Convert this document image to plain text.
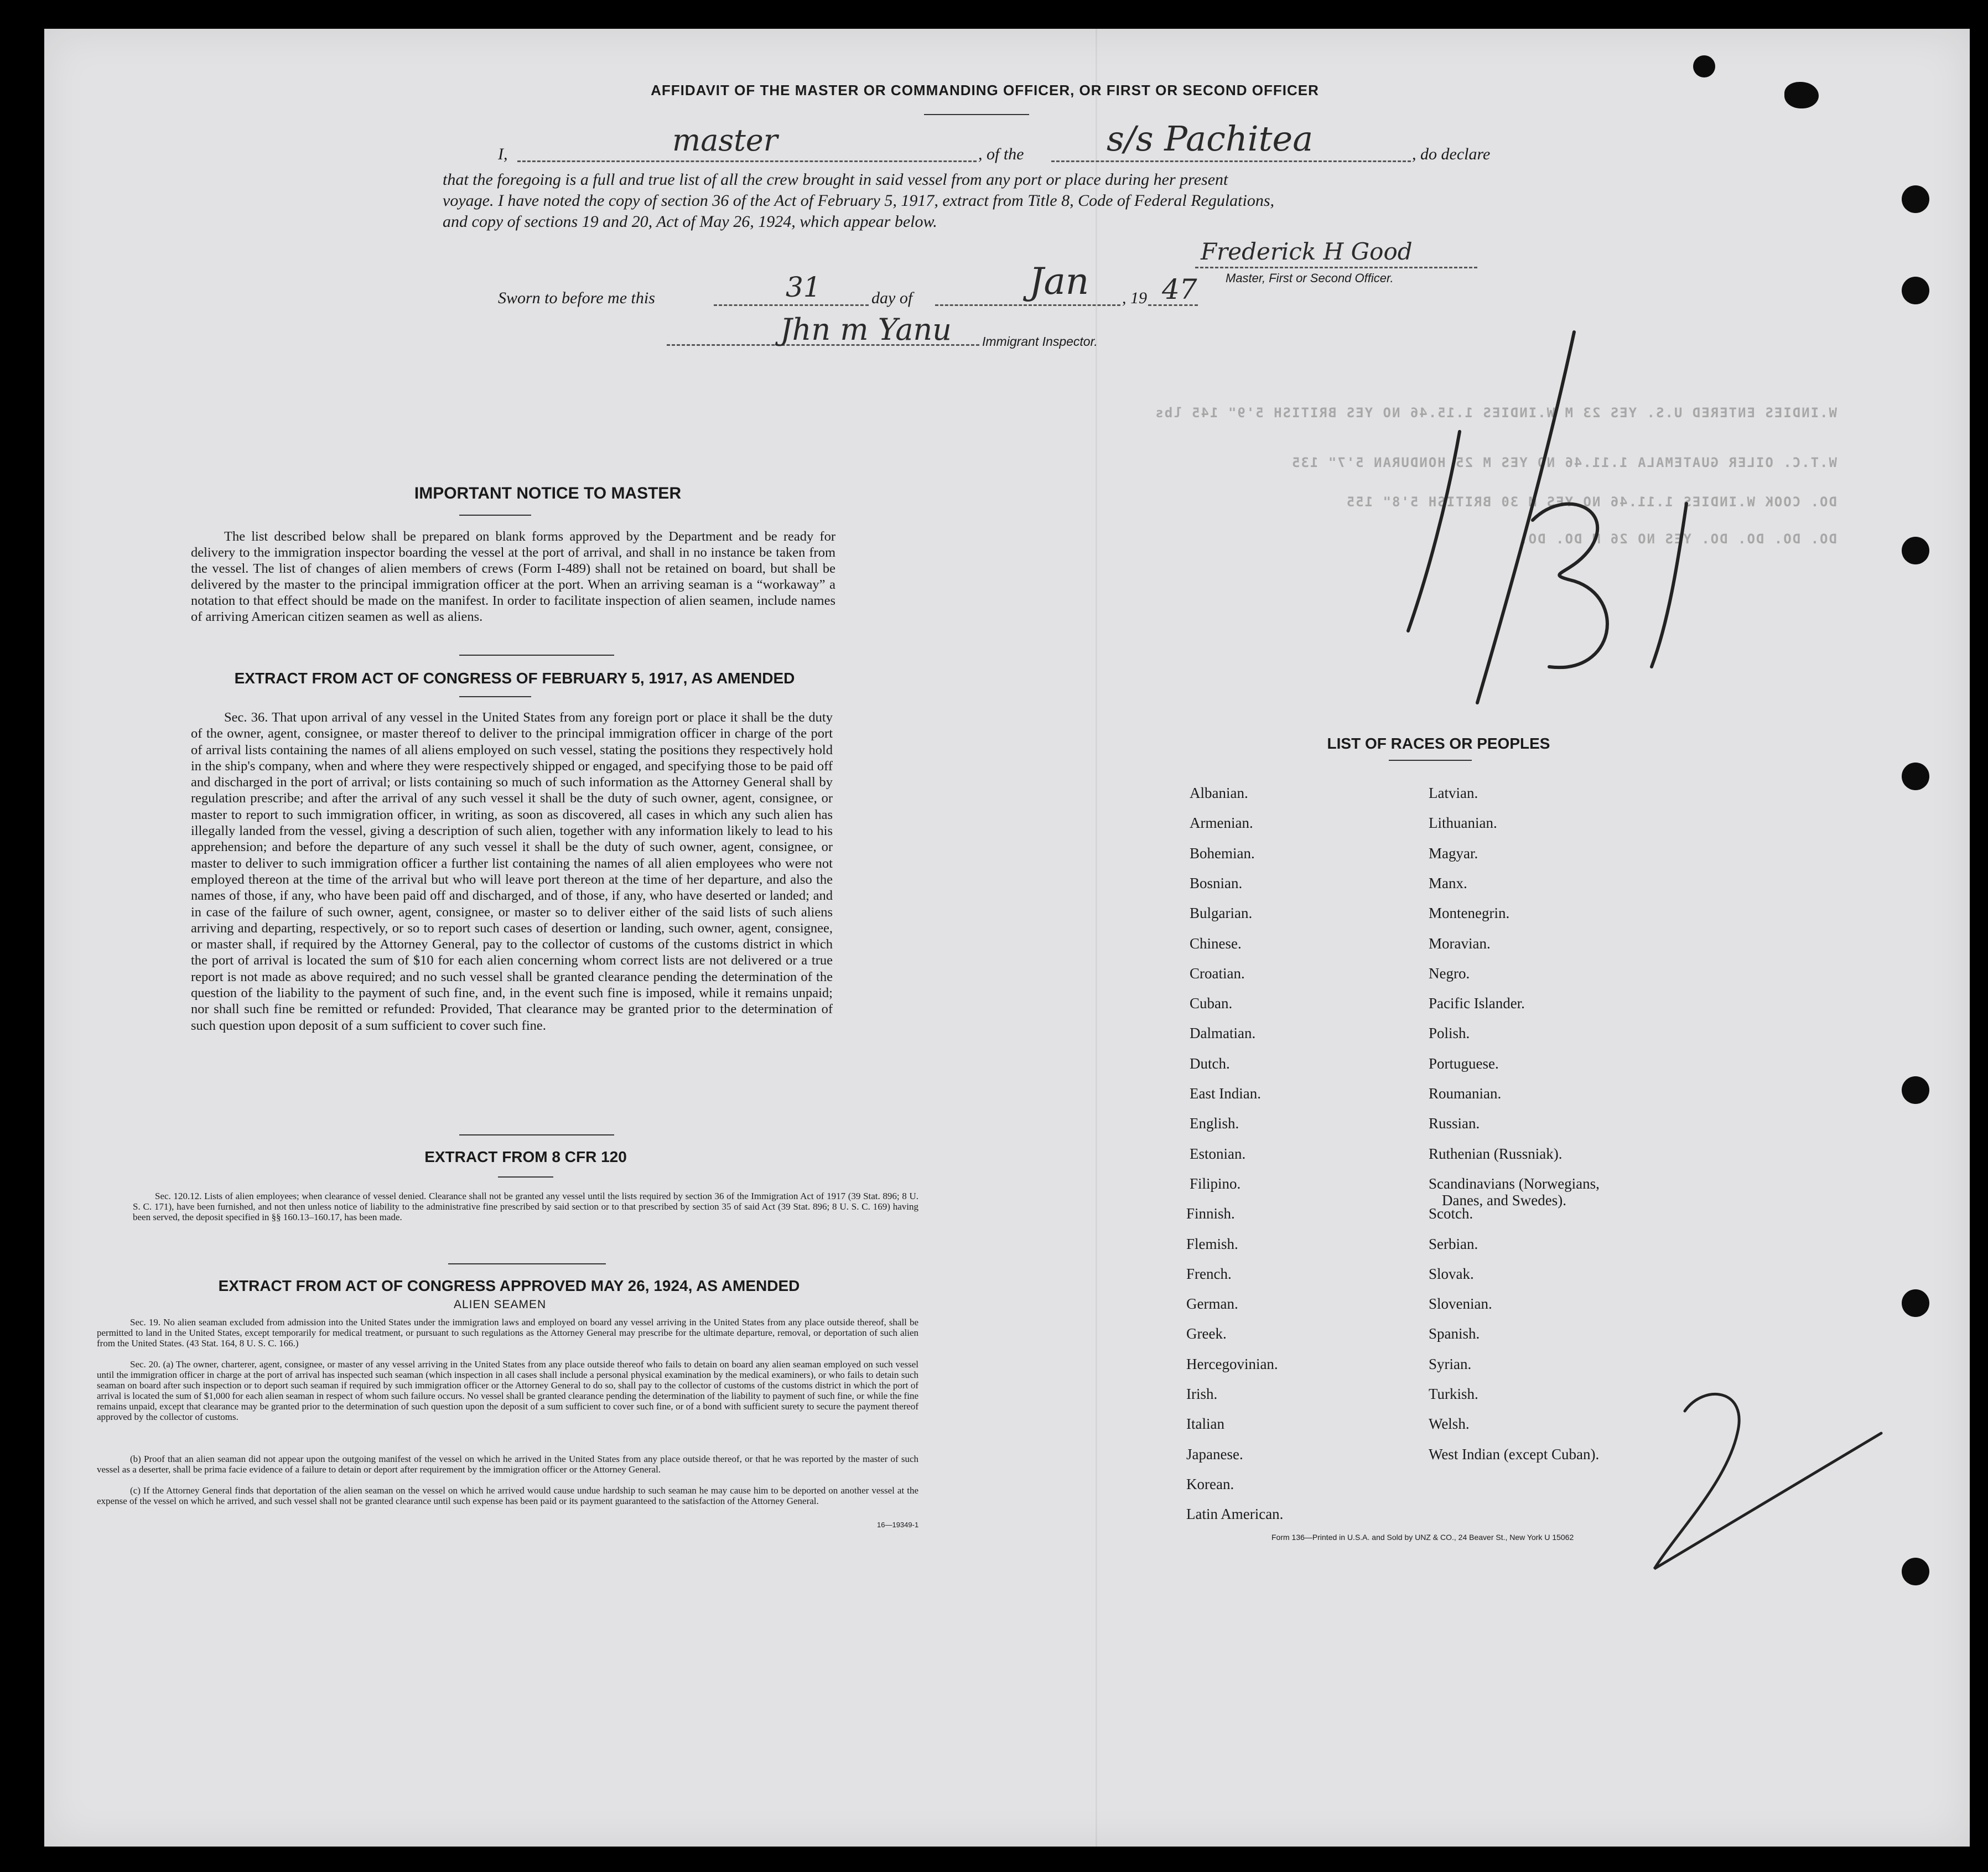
AFFIDAVIT OF THE MASTER OR COMMANDING OFFICER, OR FIRST OR SECOND OFFICER
I,	master	, of the s/s Pachitea	, do declare
that the foregoing is a full and true list of all the crew brought in said vessel from any port or place during her present
voyage. I have noted the copy of section 36 of the Act of February 5, 1917, extract from Title 8, Code of Federal Regulations,
and copy of sections 19 and 20, Act of May 26, 1924, which appear below.
Frederick H Good
Master, First or Second Officer.
Sworn to before me this	31	day of	Jan , 19 47
Jhn m Yanu Immigrant Inspector.
W.INDIES ENTERED U.S. YES 23 M W.INDIES 1.15.46 NO YES BRITISH 5'9" 145 lbs
W.T.C. OILER GUATEMALA 1.11.46 NO YES M 25 HONDURAN 5'7" 135
DO. COOK W.INDIES 1.11.46 NO YES M 30 BRITISH 5'8" 155
DO. DO. DO. DO. YES NO 26 M DO. DO.
IMPORTANT NOTICE TO MASTER
The list described below shall be prepared on blank forms approved by the Department and be ready for delivery to the immigration inspector boarding the vessel at the port of arrival, and shall in no instance be taken from the vessel. The list of changes of alien members of crews (Form I-489) shall not be retained on board, but shall be delivered by the master to the principal immigration officer at the port. When an arriving seaman is a “workaway” a notation to that effect should be made on the manifest. In order to facilitate inspection of alien seamen, include names of arriving American citizen seamen as well as aliens.
EXTRACT FROM ACT OF CONGRESS OF FEBRUARY 5, 1917, AS AMENDED
Sec. 36. That upon arrival of any vessel in the United States from any foreign port or place it shall be the duty of the owner, agent, consignee, or master thereof to deliver to the principal immigration officer in charge of the port of arrival lists containing the names of all aliens employed on such vessel, stating the positions they respectively hold in the ship's company, when and where they were respectively shipped or engaged, and specifying those to be paid off and discharged in the port of arrival; or lists containing so much of such information as the Attorney General shall by regulation prescribe; and after the arrival of any such vessel it shall be the duty of such owner, agent, consignee, or master to report to such immigration officer, in writing, as soon as discovered, all cases in which any such alien has illegally landed from the vessel, giving a description of such alien, together with any information likely to lead to his apprehension; and before the departure of any such vessel it shall be the duty of such owner, agent, consignee, or master to deliver to such immigration officer a further list containing the names of all alien employees who were not employed thereon at the time of the arrival but who will leave port thereon at the time of her departure, and also the names of those, if any, who have been paid off and discharged, and of those, if any, who have deserted or landed; and in case of the failure of such owner, agent, consignee, or master so to deliver either of the said lists of such aliens arriving and departing, respectively, or so to report such cases of desertion or landing, such owner, agent, consignee, or master shall, if required by the Attorney General, pay to the collector of customs of the customs district in which the port of arrival is located the sum of $10 for each alien concerning whom correct lists are not delivered or a true report is not made as above required; and no such vessel shall be granted clearance pending the determination of the question of the liability to the payment of such fine, and, in the event such fine is imposed, while it remains unpaid; nor shall such fine be remitted or refunded: Provided, That clearance may be granted prior to the determination of such question upon deposit of a sum sufficient to cover such fine.
EXTRACT FROM 8 CFR 120
Sec. 120.12. Lists of alien employees; when clearance of vessel denied. Clearance shall not be granted any vessel until the lists required by section 36 of the Immigration Act of 1917 (39 Stat. 896; 8 U. S. C. 171), have been furnished, and not then unless notice of liability to the administrative fine prescribed by said section or to that prescribed by section 35 of said Act (39 Stat. 896; 8 U. S. C. 169) having been served, the deposit specified in §§ 160.13–160.17, has been made.
EXTRACT FROM ACT OF CONGRESS APPROVED MAY 26, 1924, AS AMENDED
ALIEN SEAMEN
Sec. 19. No alien seaman excluded from admission into the United States under the immigration laws and employed on board any vessel arriving in the United States from any place outside thereof, shall be permitted to land in the United States, except temporarily for medical treatment, or pursuant to such regulations as the Attorney General may prescribe for the ultimate departure, removal, or deportation of such alien from the United States. (43 Stat. 164, 8 U. S. C. 166.)
Sec. 20. (a) The owner, charterer, agent, consignee, or master of any vessel arriving in the United States from any place outside thereof who fails to detain on board any alien seaman employed on such vessel until the immigration officer in charge at the port of arrival has inspected such seaman (which inspection in all cases shall include a personal physical examination by the medical examiners), or who fails to detain such seaman on board after such inspection or to deport such seaman if required by such immigration officer or the Attorney General to do so, shall pay to the collector of customs of the customs district in which the port of arrival is located the sum of $1,000 for each alien seaman in respect of whom such failure occurs. No vessel shall be granted clearance pending the determination of the liability to payment of such fine, or while the fine remains unpaid, except that clearance may be granted prior to the determination of such question upon the deposit of a sum sufficient to cover such fine, or of a bond with sufficient surety to secure the payment thereof approved by the collector of customs.
(b) Proof that an alien seaman did not appear upon the outgoing manifest of the vessel on which he arrived in the United States from any place outside thereof, or that he was reported by the master of such vessel as a deserter, shall be prima facie evidence of a failure to detain or deport after requirement by the immigration officer or the Attorney General.
(c) If the Attorney General finds that deportation of the alien seaman on the vessel on which he arrived would cause undue hardship to such seaman he may cause him to be deported on another vessel at the expense of the vessel on which he arrived, and such vessel shall not be granted clearance until such expense has been paid or its payment guaranteed to the satisfaction of the Attorney General.
16—19349-1
LIST OF RACES OR PEOPLES
Albanian.
Armenian.
Bohemian.
Bosnian.
Bulgarian.
Chinese.
Croatian.
Cuban.
Dalmatian.
Dutch.
East Indian.
English.
Estonian.
Filipino.
Finnish.
Flemish.
French.
German.
Greek.
Hercegovinian.
Irish.
Italian
Japanese.
Korean.
Latin American.
Latvian.
Lithuanian.
Magyar.
Manx.
Montenegrin.
Moravian.
Negro.
Pacific Islander.
Polish.
Portuguese.
Roumanian.
Russian.
Ruthenian (Russniak).
Scandinavians (Norwegians,
Danes, and Swedes).
Scotch.
Serbian.
Slovak.
Slovenian.
Spanish.
Syrian.
Turkish.
Welsh.
West Indian (except Cuban).
Form 136—Printed in U.S.A. and Sold by UNZ & CO., 24 Beaver St., New York U 15062
